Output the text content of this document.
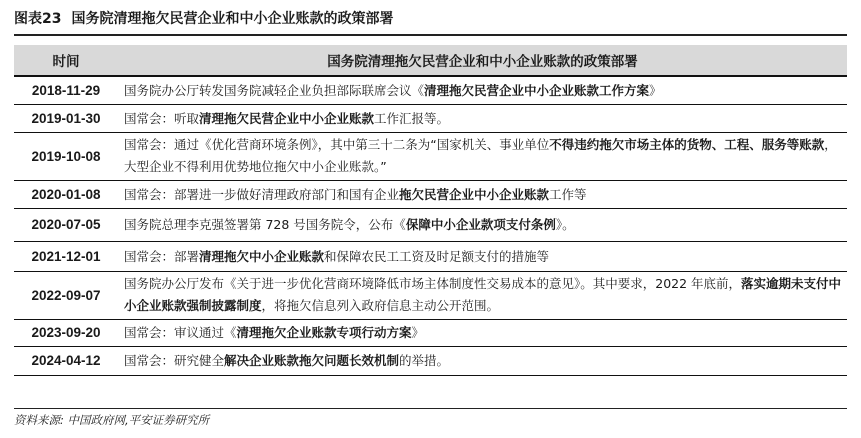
图表23 国务院清理拖欠民营企业和中小企业账款的政策部署
时间	国务院清理拖欠民营企业和中小企业账款的政策部署
2018-11-29	国务院办公厅转发国务院减轻企业负担部际联席会议《清理拖欠民营企业中小企业账款工作方案》
2019-01-30	国常会：听取清理拖欠民营企业中小企业账款工作汇报等。
2019-10-08	国常会：通过《优化营商环境条例》，其中第三十二条为“国家机关、事业单位不得违约拖欠市场主体的货物、工程、服务等账款，大型企业不得利用优势地位拖欠中小企业账款。”
2020-01-08	国常会：部署进一步做好清理政府部门和国有企业拖欠民营企业中小企业账款工作等
2020-07-05	国务院总理李克强签署第 728 号国务院令，公布《保障中小企业款项支付条例》。
2021-12-01	国常会：部署清理拖欠中小企业账款和保障农民工工资及时足额支付的措施等
2022-09-07	国务院办公厅发布《关于进一步优化营商环境降低市场主体制度性交易成本的意见》。其中要求，2022 年底前，落实逾期未支付中小企业账款强制披露制度，将拖欠信息列入政府信息主动公开范围。
2023-09-20	国常会：审议通过《清理拖欠企业账款专项行动方案》
2024-04-12	国常会：研究健全解决企业账款拖欠问题长效机制的举措。
资料来源: 中国政府网,平安证券研究所
